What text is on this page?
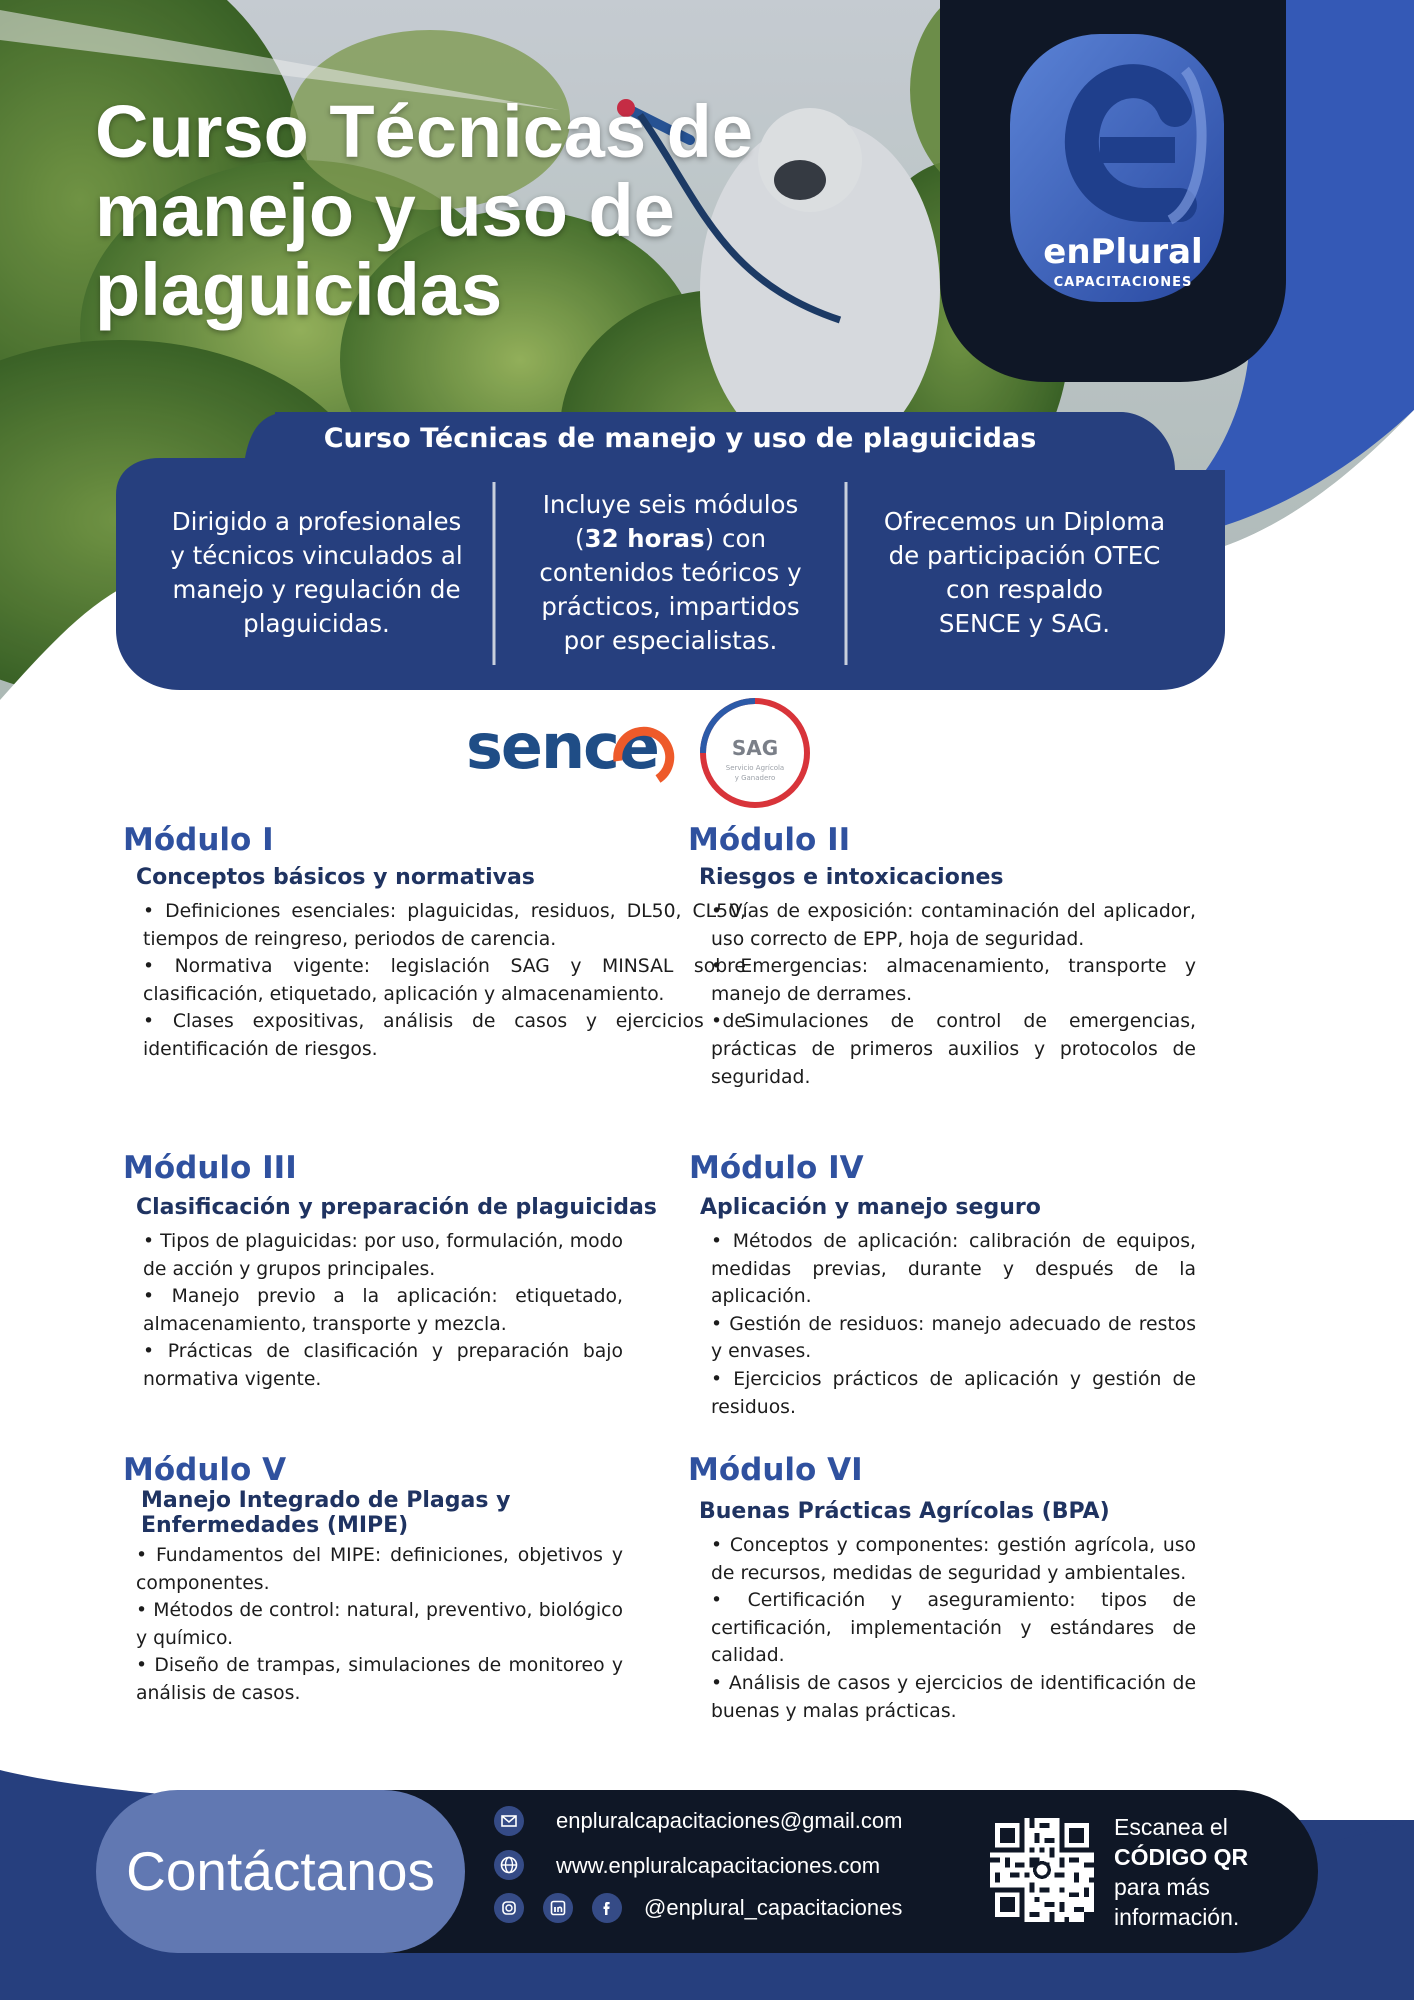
enPlural
CAPACITACIONES
Curso Técnicas de
manejo y uso de
plaguicidas
Curso Técnicas de manejo y uso de plaguicidas
Dirigido a profesionales
y técnicos vinculados al
manejo y regulación de
plaguicidas.
Incluye seis módulos
(32 horas) con
contenidos teóricos y
prácticos, impartidos
por especialistas.
Ofrecemos un Diploma
de participación OTEC
con respaldo
SENCE y SAG.
sence	SAG
Servicio Agrícola
y Ganadero
Módulo I
Conceptos básicos y normativas
• Definiciones esenciales: plaguicidas, residuos, DL50, CL50, tiempos de reingreso, periodos de carencia.
• Normativa vigente: legislación SAG y MINSAL sobre clasificación, etiquetado, aplicación y almacenamiento.
• Clases expositivas, análisis de casos y ejercicios de identificación de riesgos.
Módulo II
Riesgos e intoxicaciones
• Vías de exposición: contaminación del aplicador, uso correcto de EPP, hoja de seguridad.
• Emergencias: almacenamiento, transporte y manejo de derrames.
• Simulaciones de control de emergencias, prácticas de primeros auxilios y protocolos de seguridad.
Módulo III
Clasificación y preparación de plaguicidas
• Tipos de plaguicidas: por uso, formulación, modo de acción y grupos principales.
• Manejo previo a la aplicación: etiquetado, almacenamiento, transporte y mezcla.
• Prácticas de clasificación y preparación bajo normativa vigente.
Módulo IV
Aplicación y manejo seguro
• Métodos de aplicación: calibración de equipos, medidas previas, durante y después de la aplicación.
• Gestión de residuos: manejo adecuado de restos y envases.
• Ejercicios prácticos de aplicación y gestión de residuos.
Módulo V
Manejo Integrado de Plagas y
Enfermedades (MIPE)
• Fundamentos del MIPE: definiciones, objetivos y componentes.
• Métodos de control: natural, preventivo, biológico y químico.
• Diseño de trampas, simulaciones de monitoreo y análisis de casos.
Módulo VI
Buenas Prácticas Agrícolas (BPA)
• Conceptos y componentes: gestión agrícola, uso de recursos, medidas de seguridad y ambientales.
• Certificación y aseguramiento: tipos de certificación, implementación y estándares de calidad.
• Análisis de casos y ejercicios de identificación de buenas y malas prácticas.
Contáctanos
enpluralcapacitaciones@gmail.com
www.enpluralcapacitaciones.com
@enplural_capacitaciones
Escanea el
CÓDIGO QR
para más
información.
